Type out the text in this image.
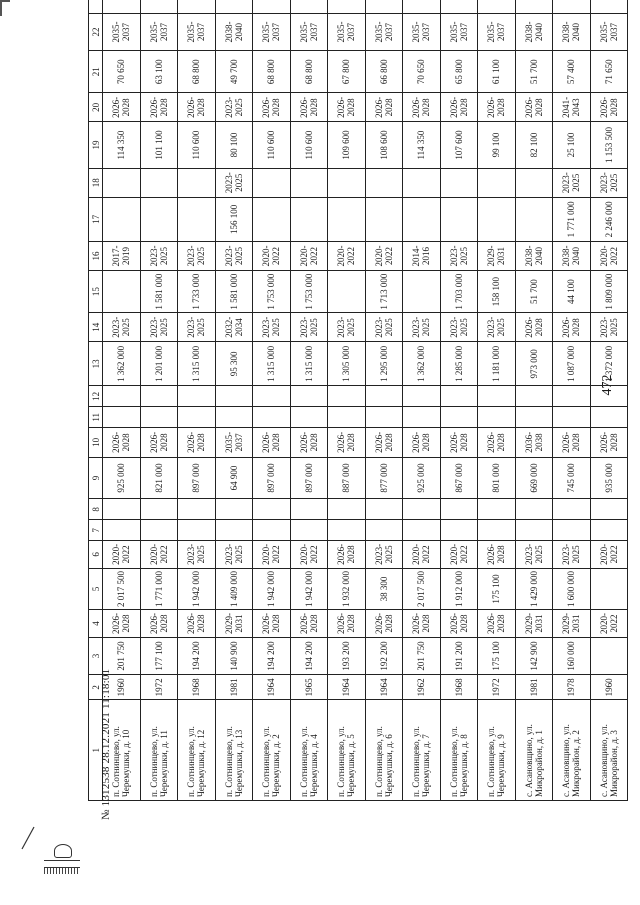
472
1	2	3	4	5	6	7	8	9	10	11	12	13	14	15	16	17	18	19	20	21	22		
п. Сотнинцево, ул. Черемушки, д. 10	1960	201 750	2026-2028	2 017 500	2020-2022			925 000	2026-2028			1 362 000	2023-2025		2017-2019			114 350	2026-2028	70 650	2035-2037		
п. Сотнинцево, ул. Черемушки, д. 11	1972	177 100	2026-2028	1 771 000	2020-2022			821 000	2026-2028			1 201 000	2023-2025	1 581 000	2023-2025			101 100	2026-2028	63 100	2035-2037		
п. Сотнинцево, ул. Черемушки, д. 12	1968	194 200	2026-2028	1 942 000	2023-2025			897 000	2026-2028			1 315 000	2023-2025	1 733 000	2023-2025			110 600	2026-2028	68 800	2035-2037		
п. Сотнинцево, ул. Черемушки, д. 13	1981	140 900	2029-2031	1 409 000	2023-2025			64 900	2035-2037			95 300	2032-2034	1 581 000	2023-2025	156 100	2023-2025	80 100	2023-2025	49 700	2038-2040		
п. Сотнинцево, ул. Черемушки, д. 2	1964	194 200	2026-2028	1 942 000	2020-2022			897 000	2026-2028			1 315 000	2023-2025	1 753 000	2020-2022			110 600	2026-2028	68 800	2035-2037		
п. Сотнинцево, ул. Черемушки, д. 4	1965	194 200	2026-2028	1 942 000	2020-2022			897 000	2026-2028			1 315 000	2023-2025	1 753 000	2020-2022			110 600	2026-2028	68 800	2035-2037		
п. Сотнинцево, ул. Черемушки, д. 5	1964	193 200	2026-2028	1 932 000	2026-2028			887 000	2026-2028			1 305 000	2023-2025		2020-2022			109 600	2026-2028	67 800	2035-2037		
п. Сотнинцево, ул. Черемушки, д. 6	1964	192 200	2026-2028	38 300	2023-2025			877 000	2026-2028			1 295 000	2023-2025	1 713 000	2020-2022			108 600	2026-2028	66 800	2035-2037		
п. Сотнинцево, ул. Черемушки, д. 7	1962	201 750	2026-2028	2 017 500	2020-2022			925 000	2026-2028			1 362 000	2023-2025		2014-2016			114 350	2026-2028	70 650	2035-2037		
п. Сотнинцево, ул. Черемушки, д. 8	1968	191 200	2026-2028	1 912 000	2020-2022			867 000	2026-2028			1 285 000	2023-2025	1 703 000	2023-2025			107 600	2026-2028	65 800	2035-2037		
п. Сотнинцево, ул. Черемушки, д. 9	1972	175 100	2026-2028	175 100	2026-2028			801 000	2026-2028			1 181 000	2023-2025	158 100	2029-2031			99 100	2026-2028	61 100	2035-2037		
с. Асановщино, ул. Микрорайон, д. 1	1981	142 900	2029-2031	1 429 000	2023-2025			669 000	2036-2038			973 000	2026-2028	51 700	2038-2040			82 100	2026-2028	51 700	2038-2040		
с. Асановщино, ул. Микрорайон, д. 2	1978	160 000	2029-2031	1 600 000	2023-2025			745 000	2026-2028			1 087 000	2026-2028	44 100	2038-2040	1 771 000	2023-2025	25 100	2041-2043	57 400	2038-2040		
с. Асановщино, ул. Микрорайон, д. 3	1960		2020-2022		2020-2022			935 000	2026-2028			1 372 000	2023-2025	1 809 000	2020-2022	2 246 000	2023-2025	1 153 500	2026-2028	71 650	2035-2037		
№ 1312538 28.12.2021 11:18:01
